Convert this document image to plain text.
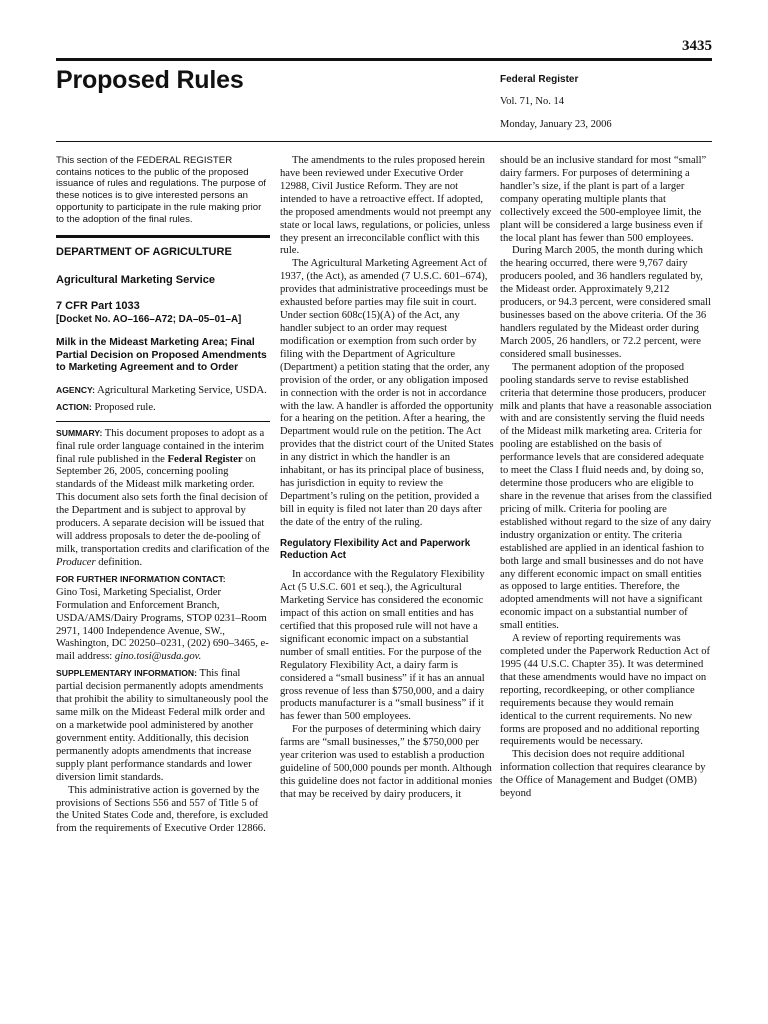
3435
Proposed Rules	Federal Register
Vol. 71, No. 14
Monday, January 23, 2006

This section of the FEDERAL REGISTER contains notices to the public of the proposed issuance of rules and regulations. The purpose of these notices is to give interested persons an opportunity to participate in the rule making prior to the adoption of the final rules.

DEPARTMENT OF AGRICULTURE

Agricultural Marketing Service

7 CFR Part 1033

[Docket No. AO–166–A72; DA–05–01–A]

Milk in the Mideast Marketing Area; Final Partial Decision on Proposed Amendments to Marketing Agreement and to Order

AGENCY: Agricultural Marketing Service, USDA.

ACTION: Proposed rule.

SUMMARY: This document proposes to adopt as a final rule order language contained in the interim final rule published in the Federal Register on September 26, 2005, concerning pooling standards of the Mideast milk marketing order. This document also sets forth the final decision of the Department and is subject to approval by producers. A separate decision will be issued that will address proposals to deter the de-pooling of milk, transportation credits and clarification of the Producer definition.

FOR FURTHER INFORMATION CONTACT:
Gino Tosi, Marketing Specialist, Order Formulation and Enforcement Branch, USDA/AMS/Dairy Programs, STOP 0231–Room 2971, 1400 Independence Avenue, SW., Washington, DC 20250–0231, (202) 690–3465, e-mail address: gino.tosi@usda.gov.

SUPPLEMENTARY INFORMATION: This final partial decision permanently adopts amendments that prohibit the ability to simultaneously pool the same milk on the Mideast Federal milk order and on a marketwide pool administered by another government entity. Additionally, this decision permanently adopts amendments that increase supply plant performance standards and lower diversion limit standards.

This administrative action is governed by the provisions of Sections 556 and 557 of Title 5 of the United States Code and, therefore, is excluded from the requirements of Executive Order 12866.

The amendments to the rules proposed herein have been reviewed under Executive Order 12988, Civil Justice Reform. They are not intended to have a retroactive effect. If adopted, the proposed amendments would not preempt any state or local laws, regulations, or policies, unless they present an irreconcilable conflict with this rule.

The Agricultural Marketing Agreement Act of 1937, (the Act), as amended (7 U.S.C. 601–674), provides that administrative proceedings must be exhausted before parties may file suit in court. Under section 608c(15)(A) of the Act, any handler subject to an order may request modification or exemption from such order by filing with the Department of Agriculture (Department) a petition stating that the order, any provision of the order, or any obligation imposed in connection with the order is not in accordance with the law. A handler is afforded the opportunity for a hearing on the petition. After a hearing, the Department would rule on the petition. The Act provides that the district court of the United States in any district in which the handler is an inhabitant, or has its principal place of business, has jurisdiction in equity to review the Department’s ruling on the petition, provided a bill in equity is filed not later than 20 days after the date of the entry of the ruling.

Regulatory Flexibility Act and Paperwork Reduction Act

In accordance with the Regulatory Flexibility Act (5 U.S.C. 601 et seq.), the Agricultural Marketing Service has considered the economic impact of this action on small entities and has certified that this proposed rule will not have a significant economic impact on a substantial number of small entities. For the purpose of the Regulatory Flexibility Act, a dairy farm is considered a “small business” if it has an annual gross revenue of less than $750,000, and a dairy products manufacturer is a “small business” if it has fewer than 500 employees.

For the purposes of determining which dairy farms are “small businesses,” the $750,000 per year criterion was used to establish a production guideline of 500,000 pounds per month. Although this guideline does not factor in additional monies that may be received by dairy producers, it

should be an inclusive standard for most “small” dairy farmers. For purposes of determining a handler’s size, if the plant is part of a larger company operating multiple plants that collectively exceed the 500-employee limit, the plant will be considered a large business even if the local plant has fewer than 500 employees.

During March 2005, the month during which the hearing occurred, there were 9,767 dairy producers pooled, and 36 handlers regulated by, the Mideast order. Approximately 9,212 producers, or 94.3 percent, were considered small businesses based on the above criteria. Of the 36 handlers regulated by the Mideast order during March 2005, 26 handlers, or 72.2 percent, were considered small businesses.

The permanent adoption of the proposed pooling standards serve to revise established criteria that determine those producers, producer milk and plants that have a reasonable association with and are consistently serving the fluid needs of the Mideast milk marketing area. Criteria for pooling are established on the basis of performance levels that are considered adequate to meet the Class I fluid needs and, by doing so, determine those producers who are eligible to share in the revenue that arises from the classified pricing of milk. Criteria for pooling are established without regard to the size of any dairy industry organization or entity. The criteria established are applied in an identical fashion to both large and small businesses and do not have any different economic impact on small entities as opposed to large entities. Therefore, the adopted amendments will not have a significant economic impact on a substantial number of small entities.

A review of reporting requirements was completed under the Paperwork Reduction Act of 1995 (44 U.S.C. Chapter 35). It was determined that these amendments would have no impact on reporting, recordkeeping, or other compliance requirements because they would remain identical to the current requirements. No new forms are proposed and no additional reporting requirements would be necessary.

This decision does not require additional information collection that requires clearance by the Office of Management and Budget (OMB) beyond
